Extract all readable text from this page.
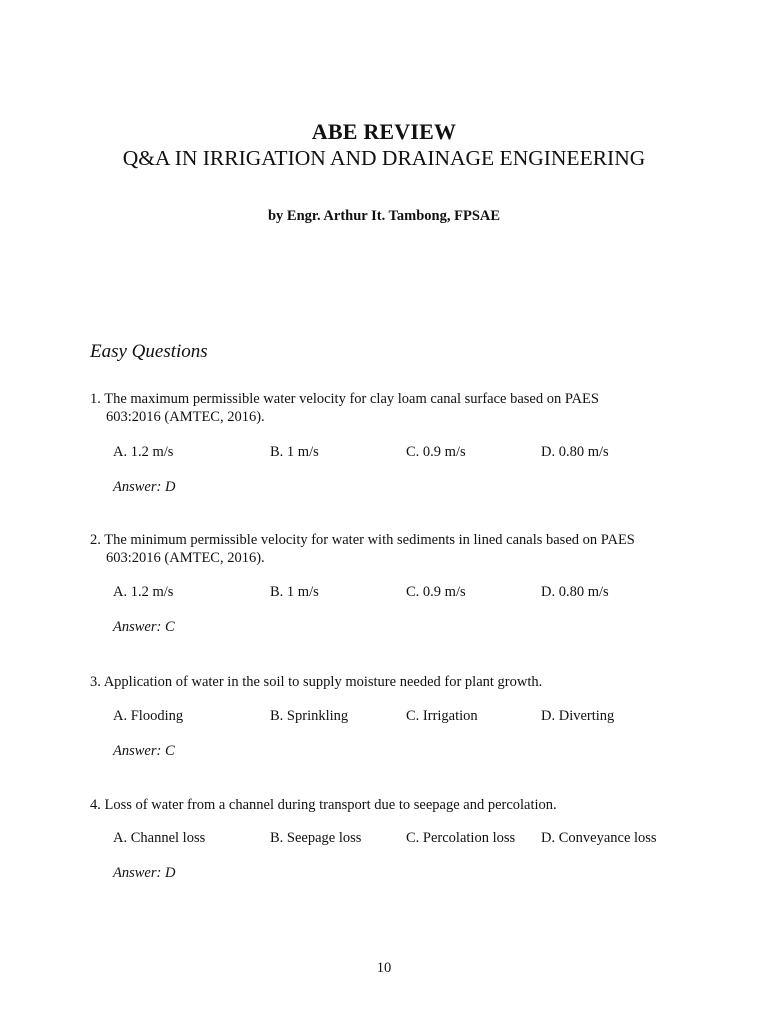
ABE REVIEW
Q&A IN IRRIGATION AND DRAINAGE ENGINEERING
by Engr. Arthur It. Tambong, FPSAE
Easy Questions
1. The maximum permissible water velocity for clay loam canal surface based on PAES
603:2016 (AMTEC, 2016).
A. 1.2 m/s	B. 1 m/s	C. 0.9 m/s	D. 0.80 m/s
Answer: D
2. The minimum permissible velocity for water with sediments in lined canals based on PAES
603:2016 (AMTEC, 2016).
A. 1.2 m/s	B. 1 m/s	C. 0.9 m/s	D. 0.80 m/s
Answer: C
3. Application of water in the soil to supply moisture needed for plant growth.
A. Flooding	B. Sprinkling	C. Irrigation	D. Diverting
Answer: C
4. Loss of water from a channel during transport due to seepage and percolation.
A. Channel loss	B. Seepage loss	C. Percolation loss D. Conveyance loss
Answer: D
10
